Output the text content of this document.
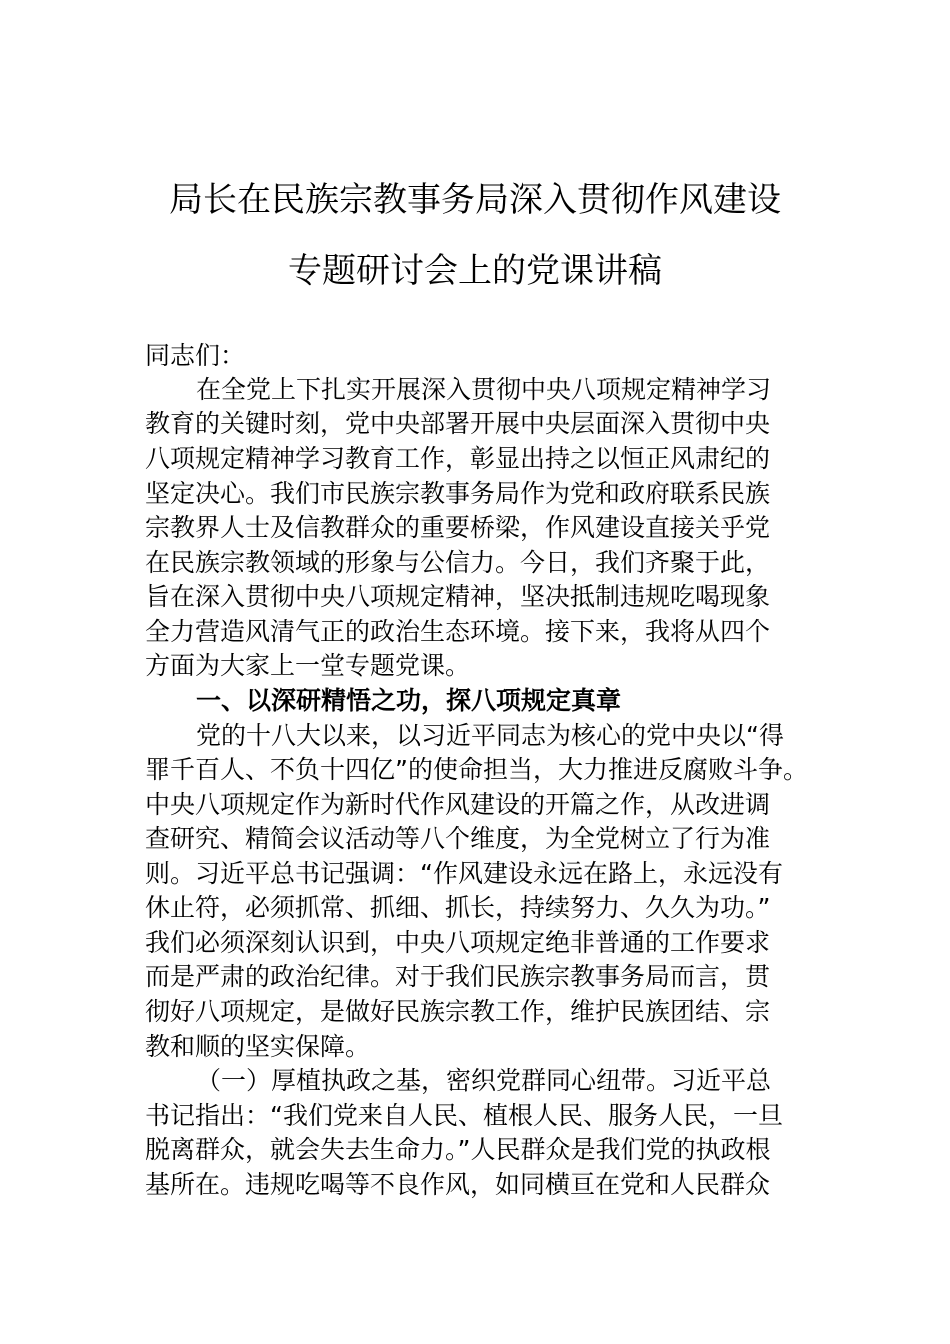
局长在民族宗教事务局深入贯彻作风建设
专题研讨会上的党课讲稿
同志们：
在全党上下扎实开展深入贯彻中央八项规定精神学习
教育的关键时刻，党中央部署开展中央层面深入贯彻中央
八项规定精神学习教育工作，彰显出持之以恒正风肃纪的
坚定决心。我们市民族宗教事务局作为党和政府联系民族
宗教界人士及信教群众的重要桥梁，作风建设直接关乎党
在民族宗教领域的形象与公信力。今日，我们齐聚于此，
旨在深入贯彻中央八项规定精神，坚决抵制违规吃喝现象
全力营造风清气正的政治生态环境。接下来，我将从四个
方面为大家上一堂专题党课。
一、以深研精悟之功，探八项规定真章
党的十八大以来，以习近平同志为核心的党中央以“得
罪千百人、不负十四亿”的使命担当，大力推进反腐败斗争。
中央八项规定作为新时代作风建设的开篇之作，从改进调
查研究、精简会议活动等八个维度，为全党树立了行为准
则。习近平总书记强调：“作风建设永远在路上，永远没有
休止符，必须抓常、抓细、抓长，持续努力、久久为功。”
我们必须深刻认识到，中央八项规定绝非普通的工作要求
而是严肃的政治纪律。对于我们民族宗教事务局而言，贯
彻好八项规定，是做好民族宗教工作，维护民族团结、宗
教和顺的坚实保障。
（一）厚植执政之基，密织党群同心纽带。习近平总
书记指出：“我们党来自人民、植根人民、服务人民，一旦
脱离群众，就会失去生命力。”人民群众是我们党的执政根
基所在。违规吃喝等不良作风，如同横亘在党和人民群众
